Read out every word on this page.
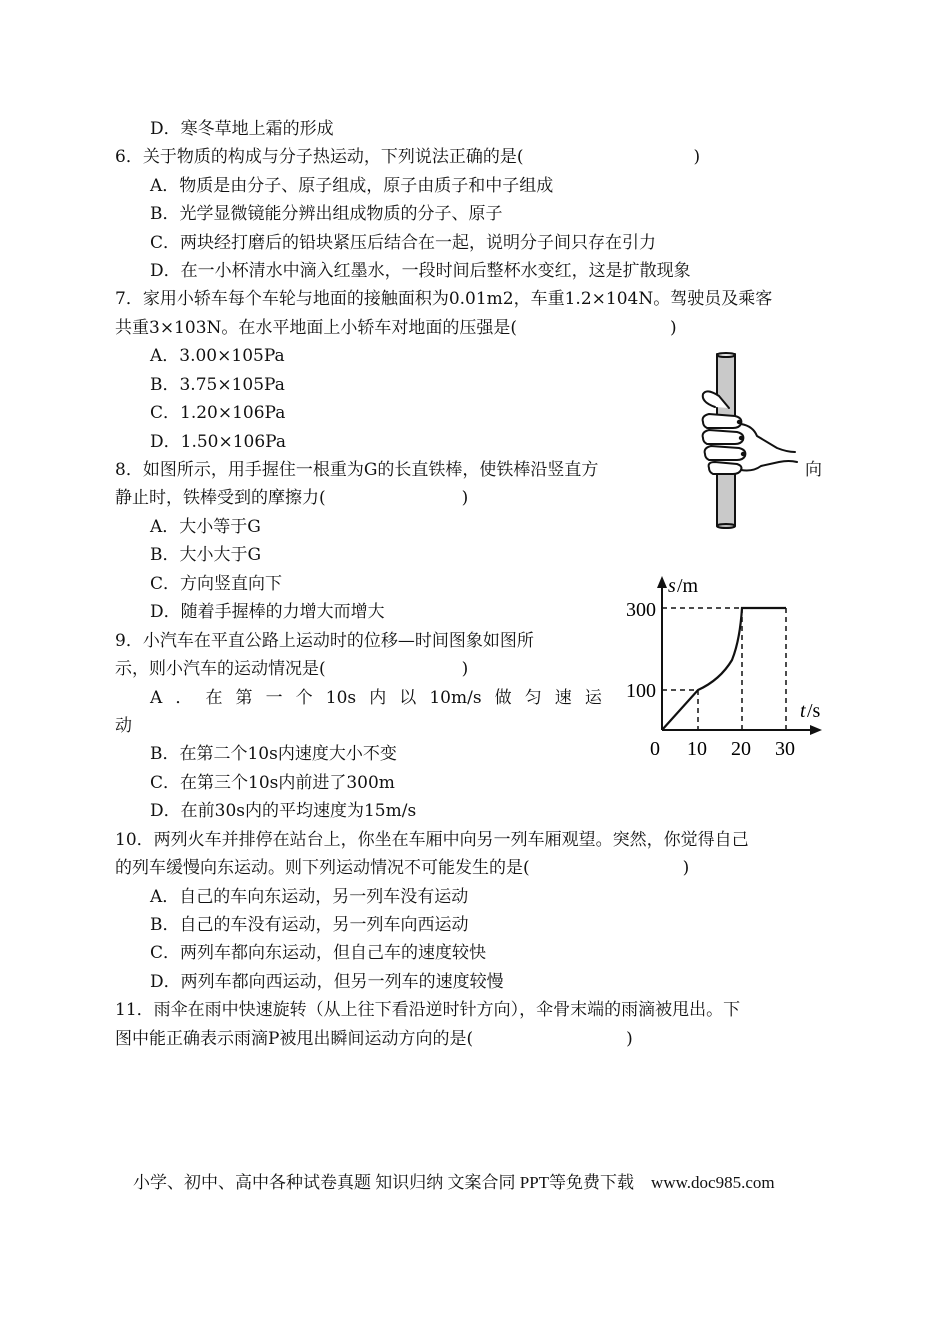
D．寒冬草地上霜的形成
6．关于物质的构成与分子热运动，下列说法正确的是(　　　　　　　　　　)
A．物质是由分子、原子组成，原子由质子和中子组成
B．光学显微镜能分辨出组成物质的分子、原子
C．两块经打磨后的铅块紧压后结合在一起，说明分子间只存在引力
D．在一小杯清水中滴入红墨水，一段时间后整杯水变红，这是扩散现象
7．家用小轿车每个车轮与地面的接触面积为0.01m2，车重1.2×104N。驾驶员及乘客
共重3×103N。在水平地面上小轿车对地面的压强是(　　　　　　　　　)
A．3.00×105Pa
B．3.75×105Pa
C．1.20×106Pa
D．1.50×106Pa
8．如图所示，用手握住一根重为G的长直铁棒，使铁棒沿竖直方	向
静止时，铁棒受到的摩擦力(　　　　　　　　)
A．大小等于G
B．大小大于G
C．方向竖直向下
D．随着手握棒的力增大而增大
9．小汽车在平直公路上运动时的位移—时间图象如图所
示，则小汽车的运动情况是(　　　　　　　　)
A ． 在 第 一 个 10s 内 以 10m/s 做 匀 速 运
动
B．在第二个10s内速度大小不变
C．在第三个10s内前进了300m
D．在前30s内的平均速度为15m/s
s /m
300
100
t /s
0 10 20 30
10．两列火车并排停在站台上，你坐在车厢中向另一列车厢观望。突然，你觉得自己
的列车缓慢向东运动。则下列运动情况不可能发生的是(　　　　　　　　　)
A．自己的车向东运动，另一列车没有运动
B．自己的车没有运动，另一列车向西运动
C．两列车都向东运动，但自己车的速度较快
D．两列车都向西运动，但另一列车的速度较慢
11．雨伞在雨中快速旋转（从上往下看沿逆时针方向），伞骨末端的雨滴被甩出。下
图中能正确表示雨滴P被甩出瞬间运动方向的是(　　　　　　　　　)
小学、初中、高中各种试卷真题 知识归纳 文案合同 PPT等免费下载　www.doc985.com
